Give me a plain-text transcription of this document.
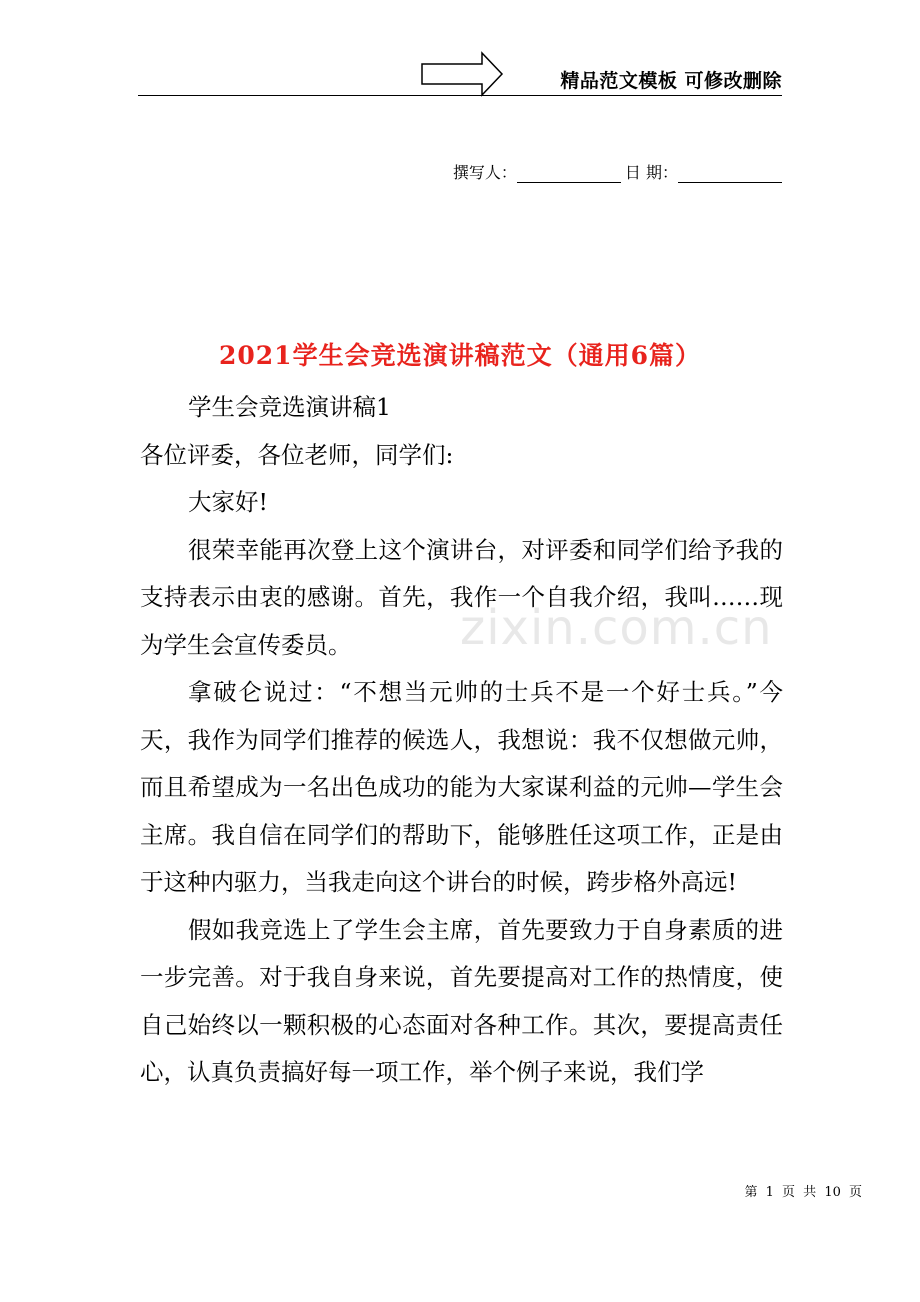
精品范文模板 可修改删除
撰写人：	日 期：
2021学生会竞选演讲稿范文（通用6篇）

学生会竞选演讲稿1

各位评委，各位老师，同学们:

大家好!

很荣幸能再次登上这个演讲台，对评委和同学们给予我的支持表示由衷的感谢。首先，我作一个自我介绍，我叫……现为学生会宣传委员。

拿破仑说过：“不想当元帅的士兵不是一个好士兵。”今天，我作为同学们推荐的候选人，我想说：我不仅想做元帅，而且希望成为一名出色成功的能为大家谋利益的元帅—学生会主席。我自信在同学们的帮助下，能够胜任这项工作，正是由于这种内驱力，当我走向这个讲台的时候，跨步格外高远!

假如我竞选上了学生会主席，首先要致力于自身素质的进一步完善。对于我自身来说，首先要提高对工作的热情度，使自己始终以一颗积极的心态面对各种工作。其次，要提高责任心，认真负责搞好每一项工作，举个例子来说，我们学

zixin.com.cn
第 1 页 共 10 页
